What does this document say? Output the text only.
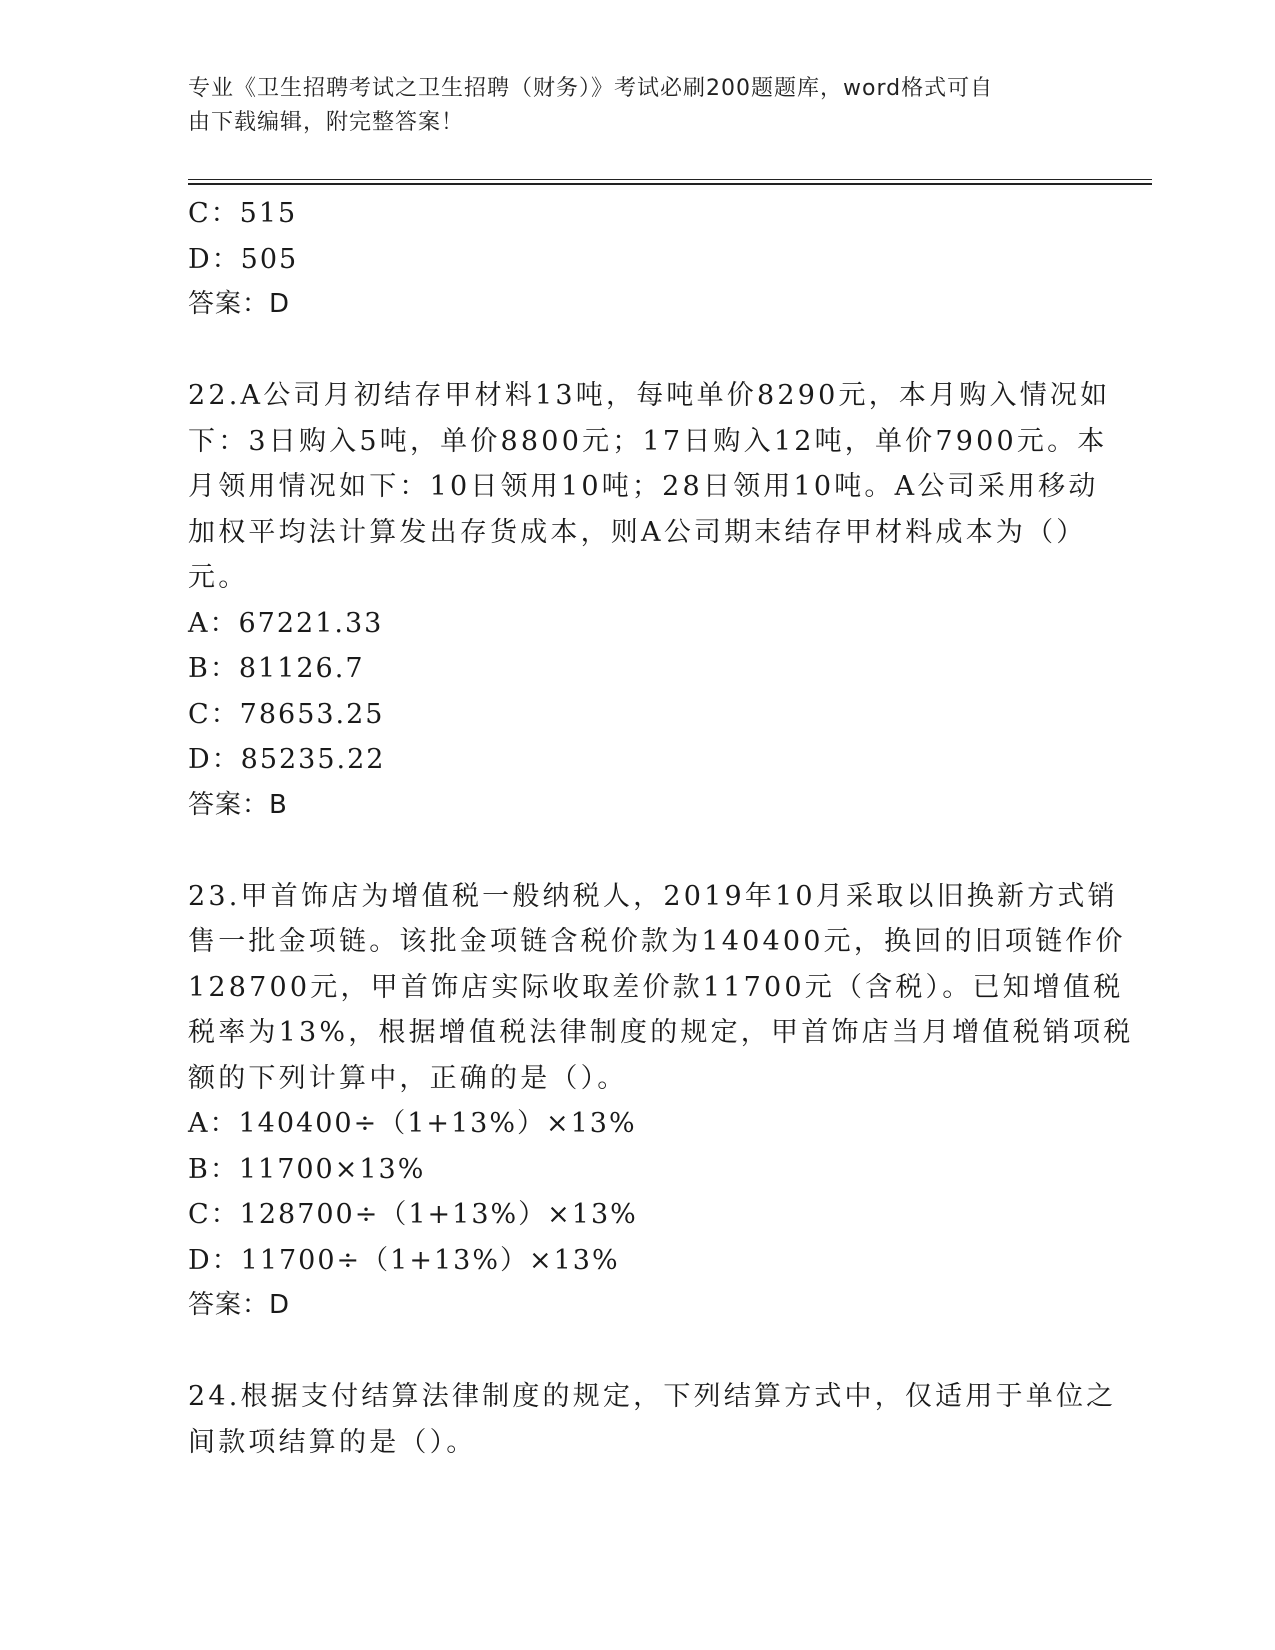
专业《卫生招聘考试之卫生招聘（财务）》考试必刷200题题库，word格式可自
由下载编辑，附完整答案！
C：515
D：505
答案：D
22.A公司月初结存甲材料13吨，每吨单价8290元，本月购入情况如
下：3日购入5吨，单价8800元；17日购入12吨，单价7900元。本
月领用情况如下：10日领用10吨；28日领用10吨。A公司采用移动
加权平均法计算发出存货成本，则A公司期末结存甲材料成本为（）
元。
A：67221.33
B：81126.7
C：78653.25
D：85235.22
答案：B
23.甲首饰店为增值税一般纳税人，2019年10月采取以旧换新方式销
售一批金项链。该批金项链含税价款为140400元，换回的旧项链作价
128700元，甲首饰店实际收取差价款11700元（含税）。已知增值税
税率为13%，根据增值税法律制度的规定，甲首饰店当月增值税销项税
额的下列计算中，正确的是（）。
A：140400÷（1+13%）×13%
B：11700×13%
C：128700÷（1+13%）×13%
D：11700÷（1+13%）×13%
答案：D
24.根据支付结算法律制度的规定，下列结算方式中，仅适用于单位之
间款项结算的是（）。
